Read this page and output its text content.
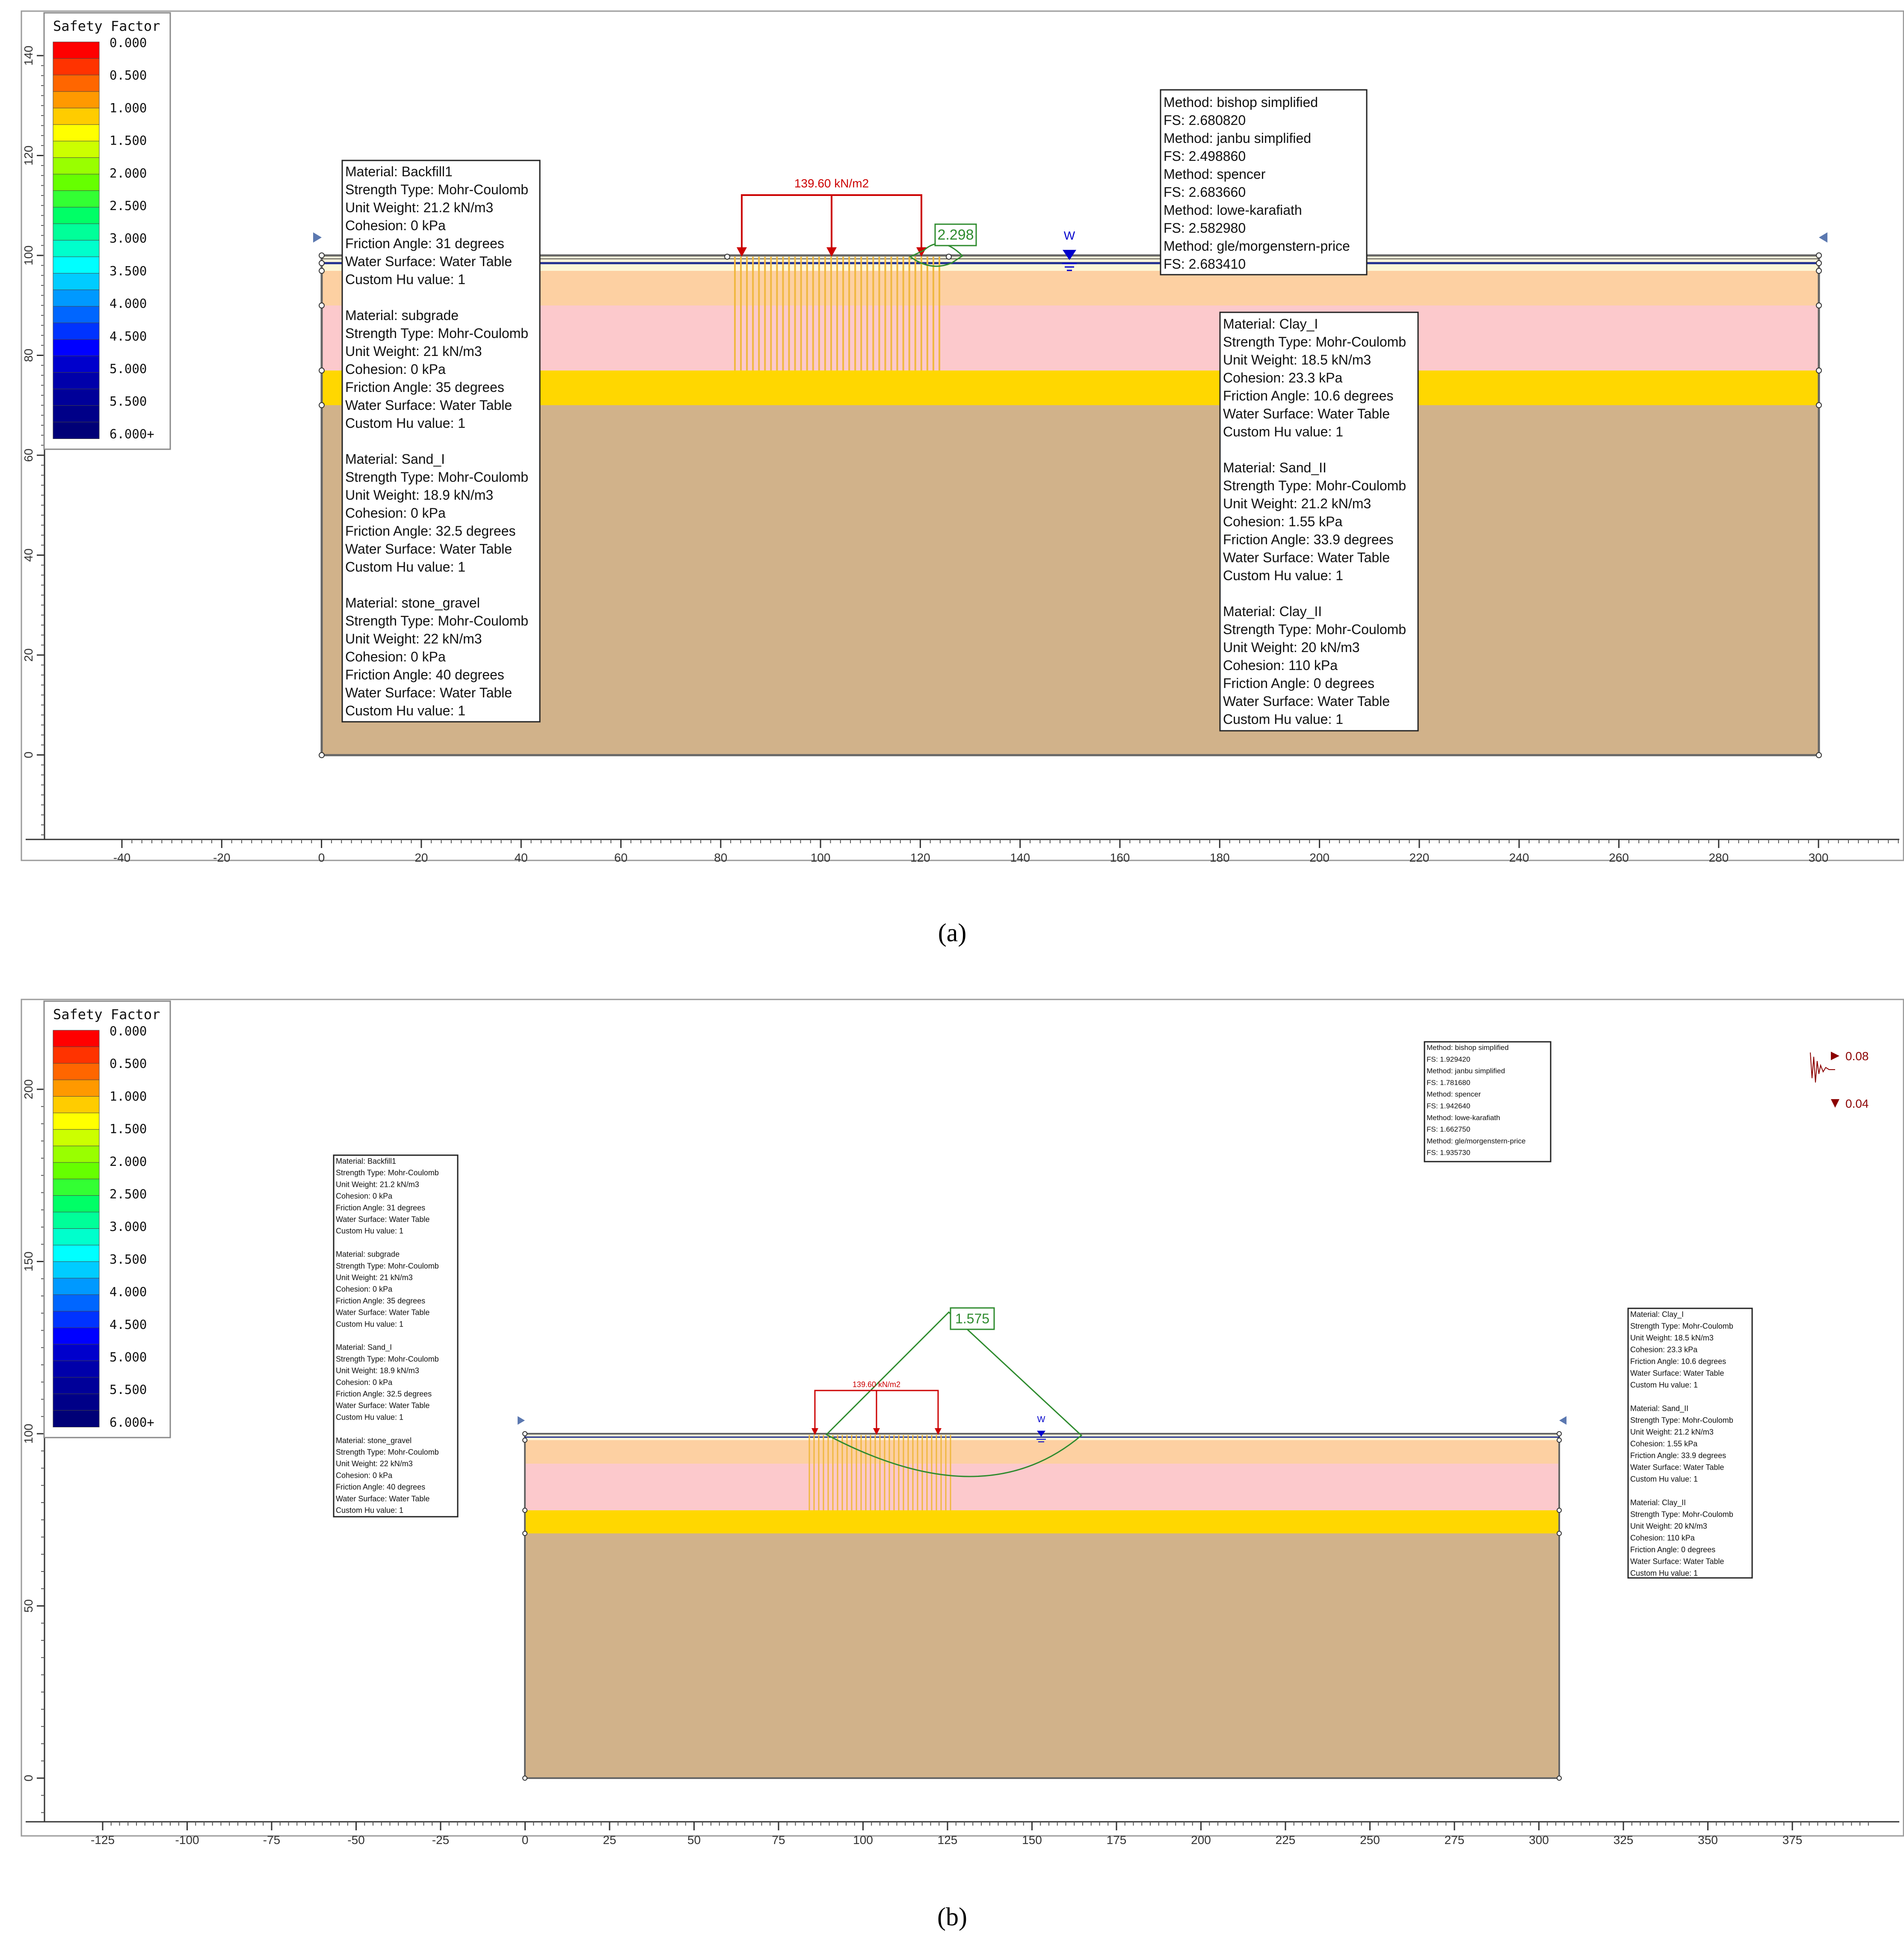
-40	-20	0	20	40	60	80	100	120	140	160	180	200	220	240	260	280	300
140
120
100
80
60
40
20
0
139.60 kN/m2
2.298	W
Material: Backfill1
Strength Type: Mohr-Coulomb
Unit Weight: 21.2 kN/m3
Cohesion: 0 kPa
Friction Angle: 31 degrees
Water Surface: Water Table
Custom Hu value: 1
Material: subgrade
Strength Type: Mohr-Coulomb
Unit Weight: 21 kN/m3
Cohesion: 0 kPa
Friction Angle: 35 degrees
Water Surface: Water Table
Custom Hu value: 1
Material: Sand_I
Strength Type: Mohr-Coulomb
Unit Weight: 18.9 kN/m3
Cohesion: 0 kPa
Friction Angle: 32.5 degrees
Water Surface: Water Table
Custom Hu value: 1
Material: stone_gravel
Strength Type: Mohr-Coulomb
Unit Weight: 22 kN/m3
Cohesion: 0 kPa
Friction Angle: 40 degrees
Water Surface: Water Table
Custom Hu value: 1
Material: Clay_I
Strength Type: Mohr-Coulomb
Unit Weight: 18.5 kN/m3
Cohesion: 23.3 kPa
Friction Angle: 10.6 degrees
Water Surface: Water Table
Custom Hu value: 1
Material: Sand_II
Strength Type: Mohr-Coulomb
Unit Weight: 21.2 kN/m3
Cohesion: 1.55 kPa
Friction Angle: 33.9 degrees
Water Surface: Water Table
Custom Hu value: 1
Material: Clay_II
Strength Type: Mohr-Coulomb
Unit Weight: 20 kN/m3
Cohesion: 110 kPa
Friction Angle: 0 degrees
Water Surface: Water Table
Custom Hu value: 1
Method: bishop simplified
FS: 2.680820
Method: janbu simplified
FS: 2.498860
Method: spencer
FS: 2.683660
Method: lowe-karafiath
FS: 2.582980
Method: gle/morgenstern-price
FS: 2.683410
Safety Factor
0.000
0.500
1.000
1.500
2.000
2.500
3.000
3.500
4.000
4.500
5.000
5.500
6.000+
(a)
-125	-100	-75	-50	-25	0	25	50	75	100	125	150	175	200	225	250	275	300	325	350	375
200
150
100
50
0
1.575
139.60 kN/m2
W
0.08
0.04
Material: Backfill1
Strength Type: Mohr-Coulomb
Unit Weight: 21.2 kN/m3
Cohesion: 0 kPa
Friction Angle: 31 degrees
Water Surface: Water Table
Custom Hu value: 1
Material: subgrade
Strength Type: Mohr-Coulomb
Unit Weight: 21 kN/m3
Cohesion: 0 kPa
Friction Angle: 35 degrees
Water Surface: Water Table
Custom Hu value: 1
Material: Sand_I
Strength Type: Mohr-Coulomb
Unit Weight: 18.9 kN/m3
Cohesion: 0 kPa
Friction Angle: 32.5 degrees
Water Surface: Water Table
Custom Hu value: 1
Material: stone_gravel
Strength Type: Mohr-Coulomb
Unit Weight: 22 kN/m3
Cohesion: 0 kPa
Friction Angle: 40 degrees
Water Surface: Water Table
Custom Hu value: 1
Material: Clay_I
Strength Type: Mohr-Coulomb
Unit Weight: 18.5 kN/m3
Cohesion: 23.3 kPa
Friction Angle: 10.6 degrees
Water Surface: Water Table
Custom Hu value: 1
Material: Sand_II
Strength Type: Mohr-Coulomb
Unit Weight: 21.2 kN/m3
Cohesion: 1.55 kPa
Friction Angle: 33.9 degrees
Water Surface: Water Table
Custom Hu value: 1
Material: Clay_II
Strength Type: Mohr-Coulomb
Unit Weight: 20 kN/m3
Cohesion: 110 kPa
Friction Angle: 0 degrees
Water Surface: Water Table
Custom Hu value: 1
Method: bishop simplified
FS: 1.929420
Method: janbu simplified
FS: 1.781680
Method: spencer
FS: 1.942640
Method: lowe-karafiath
FS: 1.662750
Method: gle/morgenstern-price
FS: 1.935730
Safety Factor
0.000
0.500
1.000
1.500
2.000
2.500
3.000
3.500
4.000
4.500
5.000
5.500
6.000+
(b)
